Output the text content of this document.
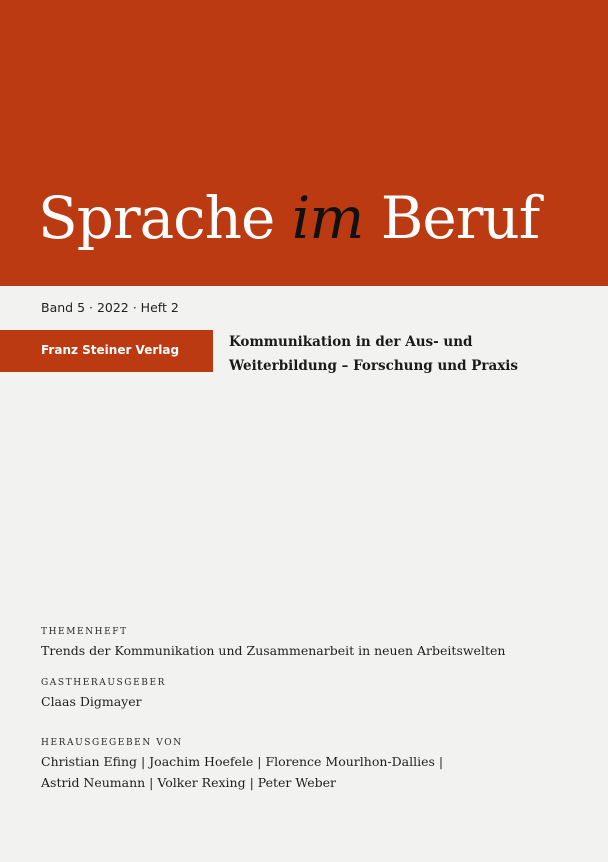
Sprache im Beruf
Band 5 · 2022 · Heft 2
Franz Steiner Verlag	Kommunikation in der Aus- und
Weiterbildung – Forschung und Praxis
THEMENHEFT
Trends der Kommunikation und Zusammenarbeit in neuen Arbeitswelten
GASTHERAUSGEBER
Claas Digmayer
HERAUSGEGEBEN VON
Christian Efing | Joachim Hoefele | Florence Mourlhon-Dallies |
Astrid Neumann | Volker Rexing | Peter Weber
